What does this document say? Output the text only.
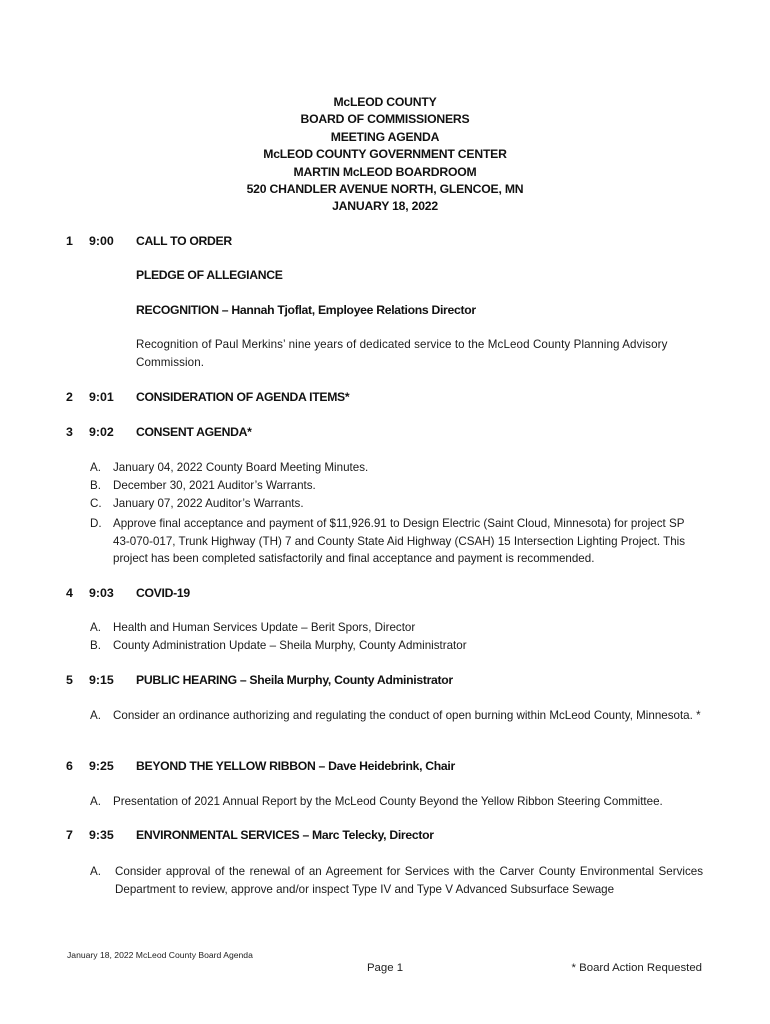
McLEOD COUNTY
BOARD OF COMMISSIONERS
MEETING AGENDA
McLEOD COUNTY GOVERNMENT CENTER
MARTIN McLEOD BOARDROOM
520 CHANDLER AVENUE NORTH, GLENCOE, MN
JANUARY 18, 2022
1 9:00 CALL TO ORDER
PLEDGE OF ALLEGIANCE
RECOGNITION – Hannah Tjoflat, Employee Relations Director
Recognition of Paul Merkins’ nine years of dedicated service to the McLeod County Planning Advisory Commission.
2 9:01 CONSIDERATION OF AGENDA ITEMS*
3 9:02 CONSENT AGENDA*
A.	January 04, 2022 County Board Meeting Minutes.
B.	December 30, 2021 Auditor’s Warrants.
C. January 07, 2022 Auditor’s Warrants.
D. Approve final acceptance and payment of $11,926.91 to Design Electric (Saint Cloud, Minnesota) for project SP 43-070-017, Trunk Highway (TH) 7 and County State Aid Highway (CSAH) 15 Intersection Lighting Project. This project has been completed satisfactorily and final acceptance and payment is recommended.
4 9:03 COVID-19
A.	Health and Human Services Update – Berit Spors, Director
B.	County Administration Update – Sheila Murphy, County Administrator
5 9:15 PUBLIC HEARING – Sheila Murphy, County Administrator
A.	Consider an ordinance authorizing and regulating the conduct of open burning within McLeod County, Minnesota. *
6 9:25 BEYOND THE YELLOW RIBBON – Dave Heidebrink, Chair
A.	Presentation of 2021 Annual Report by the McLeod County Beyond the Yellow Ribbon Steering Committee.
7 9:35 ENVIRONMENTAL SERVICES – Marc Telecky, Director
A.	Consider approval of the renewal of an Agreement for Services with the Carver County Environmental Services Department to review, approve and/or inspect Type IV and Type V Advanced Subsurface Sewage
January 18, 2022 McLeod County Board Agenda
Page 1	* Board Action Requested
